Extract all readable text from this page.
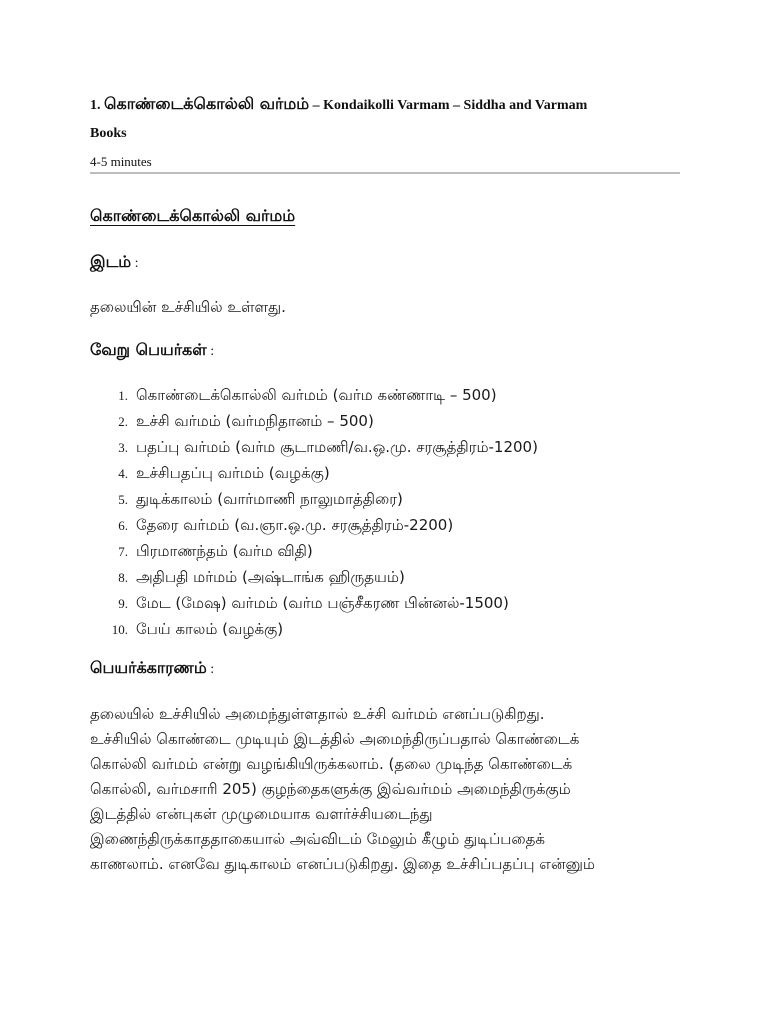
1. கொண்டைக்கொல்லி வர்மம் – Kondaikolli Varmam – Siddha and Varmam
Books
4-5 minutes
கொண்டைக்கொல்லி வர்மம்
இடம் :
தலையின் உச்சியில் உள்ளது.
வேறு பெயர்கள் :
1. கொண்டைக்கொல்லி வர்மம் (வர்ம கண்ணாடி – 500)
2. உச்சி வர்மம் (வர்மநிதானம் – 500)
3. பதப்பு வர்மம் (வர்ம சூடாமணி/வ.ஒ.மு. சரசூத்திரம்-1200)
4. உச்சிபதப்பு வர்மம் (வழக்கு)
5. துடிக்காலம் (வார்மாணி நாலுமாத்திரை)
6. தேரை வர்மம் (வ.ஞா.ஒ.மு. சரசூத்திரம்-2200)
7. பிரமாணந்தம் (வர்ம விதி)
8. அதிபதி மர்மம் (அஷ்டாங்க ஹிருதயம்)
9. மேட (மேஷ) வர்மம் (வர்ம பஞ்சீகரண பின்னல்-1500)
10. பேய் காலம் (வழக்கு)
பெயர்க்காரணம் :
தலையில் உச்சியில் அமைந்துள்ளதால் உச்சி வர்மம் எனப்படுகிறது.
உச்சியில் கொண்டை முடியும் இடத்தில் அமைந்திருப்பதால் கொண்டைக்
கொல்லி வர்மம் என்று வழங்கியிருக்கலாம். (தலை முடிந்த கொண்டைக்
கொல்லி, வர்மசாரி 205) குழந்தைகளுக்கு இவ்வர்மம் அமைந்திருக்கும்
இடத்தில் என்புகள் முழுமையாக வளர்ச்சியடைந்து
இணைந்திருக்காததாகையால் அவ்விடம் மேலும் கீழும் துடிப்பதைக்
காணலாம். எனவே துடிகாலம் எனப்படுகிறது. இதை உச்சிப்பதப்பு என்னும்
